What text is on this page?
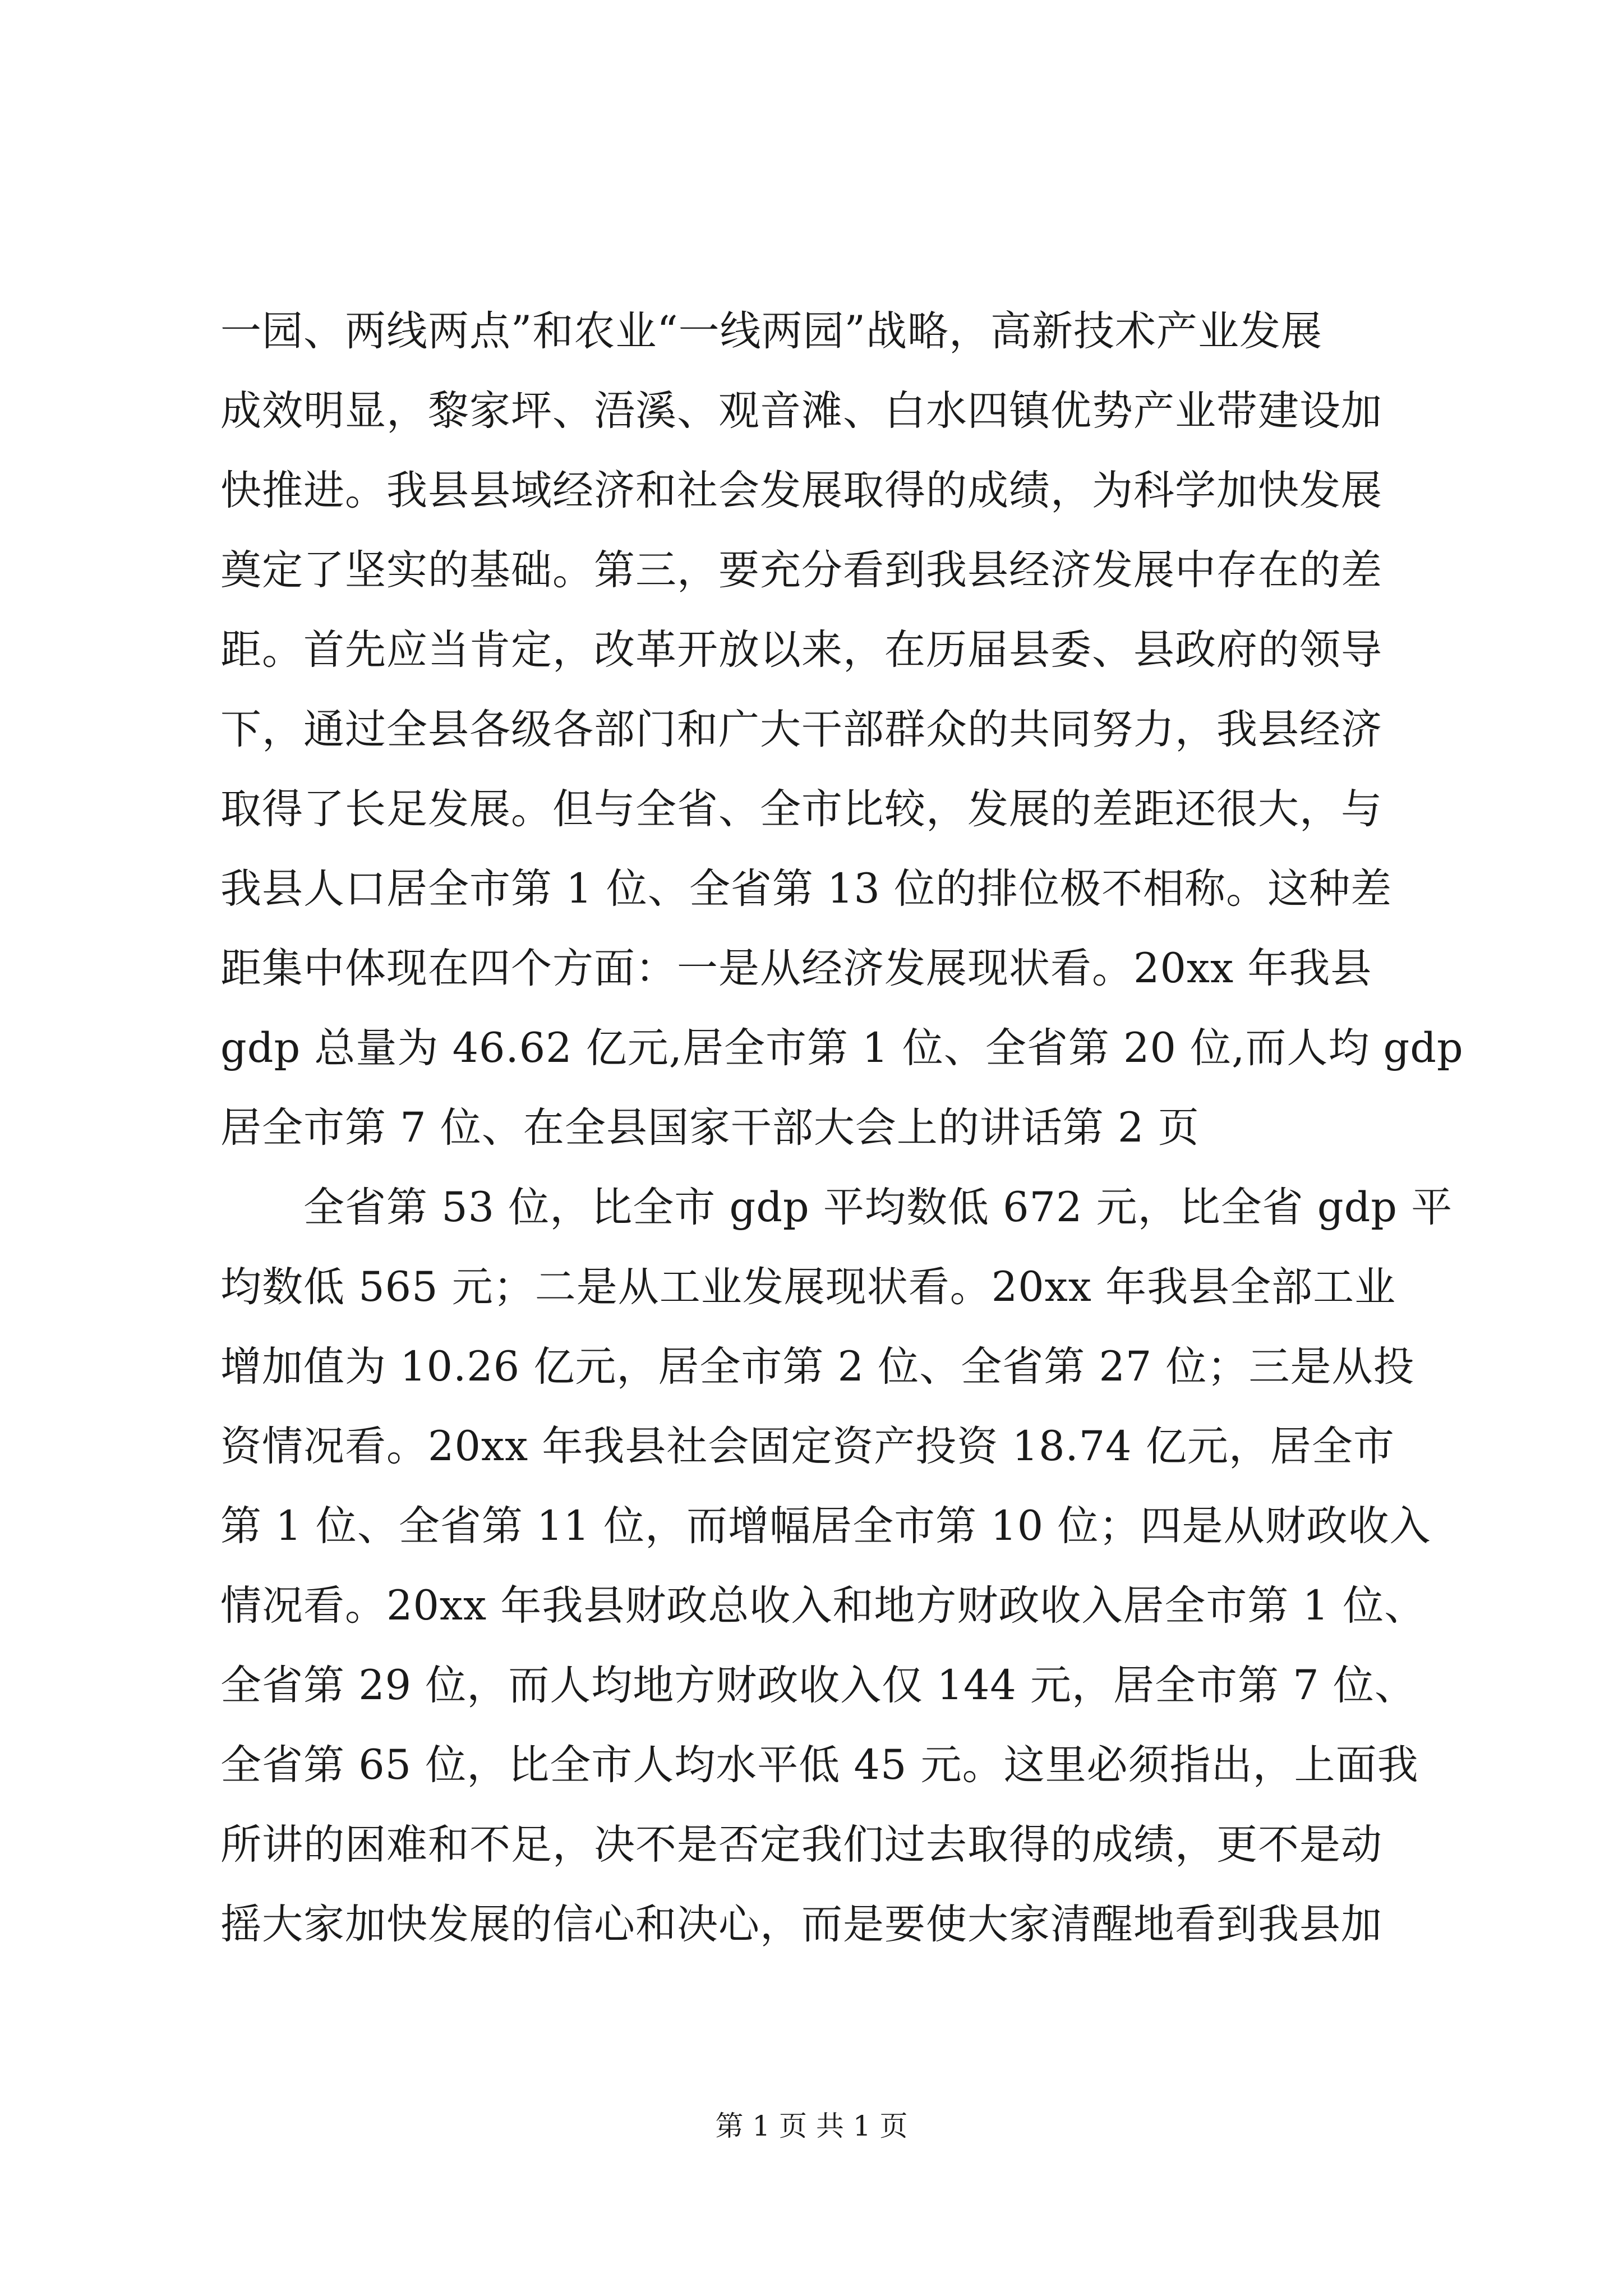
一园、两线两点”和农业“一线两园”战略，高新技术产业发展
成效明显，黎家坪、浯溪、观音滩、白水四镇优势产业带建设加
快推进。我县县域经济和社会发展取得的成绩，为科学加快发展
奠定了坚实的基础。第三，要充分看到我县经济发展中存在的差
距。首先应当肯定，改革开放以来，在历届县委、县政府的领导
下，通过全县各级各部门和广大干部群众的共同努力，我县经济
取得了长足发展。但与全省、全市比较，发展的差距还很大，与
我县人口居全市第 1 位、全省第 13 位的排位极不相称。这种差
距集中体现在四个方面：一是从经济发展现状看。20xx 年我县
gdp 总量为 46.62 亿元,居全市第 1 位、全省第 20 位,而人均 gdp
居全市第 7 位、在全县国家干部大会上的讲话第 2 页
全省第 53 位，比全市 gdp 平均数低 672 元，比全省 gdp 平
均数低 565 元；二是从工业发展现状看。20xx 年我县全部工业
增加值为 10.26 亿元，居全市第 2 位、全省第 27 位；三是从投
资情况看。20xx 年我县社会固定资产投资 18.74 亿元，居全市
第 1 位、全省第 11 位，而增幅居全市第 10 位；四是从财政收入
情况看。20xx 年我县财政总收入和地方财政收入居全市第 1 位、
全省第 29 位，而人均地方财政收入仅 144 元，居全市第 7 位、
全省第 65 位，比全市人均水平低 45 元。这里必须指出，上面我
所讲的困难和不足，决不是否定我们过去取得的成绩，更不是动
摇大家加快发展的信心和决心，而是要使大家清醒地看到我县加
第 1 页 共 1 页
